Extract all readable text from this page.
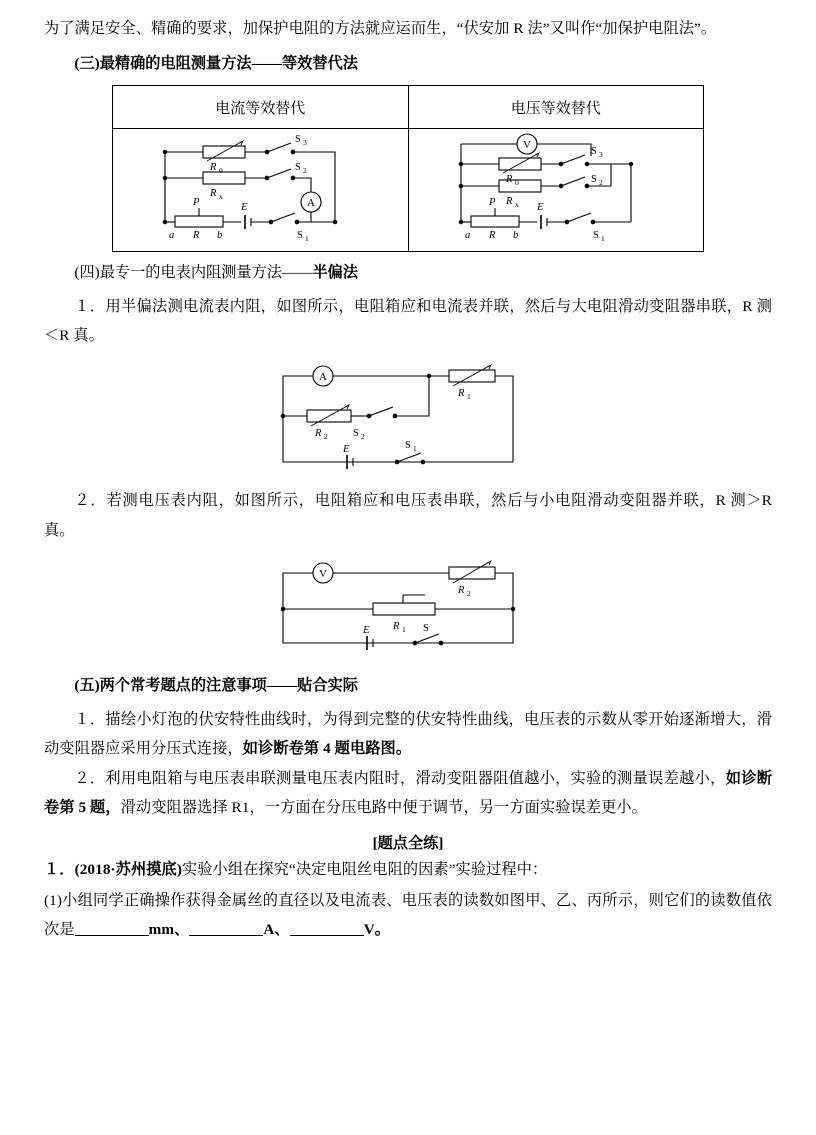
为了满足安全、精确的要求，加保护电阻的方法就应运而生，“伏安加 R 法”又叫作“加保护电阻法”。

(三)最精确的电阻测量方法——等效替代法
电流等效替代	电压等效替代

R 0
R x
P
a R b
E
S 3
S 2
S 1
A

R 0
R x
P
a R b
E
V
S 3
S 2
S 1
(四)最专一的电表内阻测量方法——半偏法

１．用半偏法测电流表内阻，如图所示，电阻箱应和电流表并联，然后与大电阻滑动变阻器串联，R 测＜R 真。

R 1
R 2
E
A
S 2
S 1

２．若测电压表内阻，如图所示，电阻箱应和电压表串联，然后与小电阻滑动变阻器并联，R 测＞R 真。

R 2
R 1
E
V
S
(五)两个常考题点的注意事项——贴合实际

１．描绘小灯泡的伏安特性曲线时，为得到完整的伏安特性曲线，电压表的示数从零开始逐渐增大，滑动变阻器应采用分压式连接，如诊断卷第 4 题电路图。

２．利用电阻箱与电压表串联测量电压表内阻时，滑动变阻器阻值越小，实验的测量误差越小，如诊断卷第 5 题，滑动变阻器选择 R1，一方面在分压电路中便于调节，另一方面实验误差更小。

[题点全练]

１．(2018·苏州摸底)实验小组在探究“决定电阻丝电阻的因素”实验过程中：

(1)小组同学正确操作获得金属丝的直径以及电流表、电压表的读数如图甲、乙、丙所示，则它们的读数值依次是	mm、	A、	V。
